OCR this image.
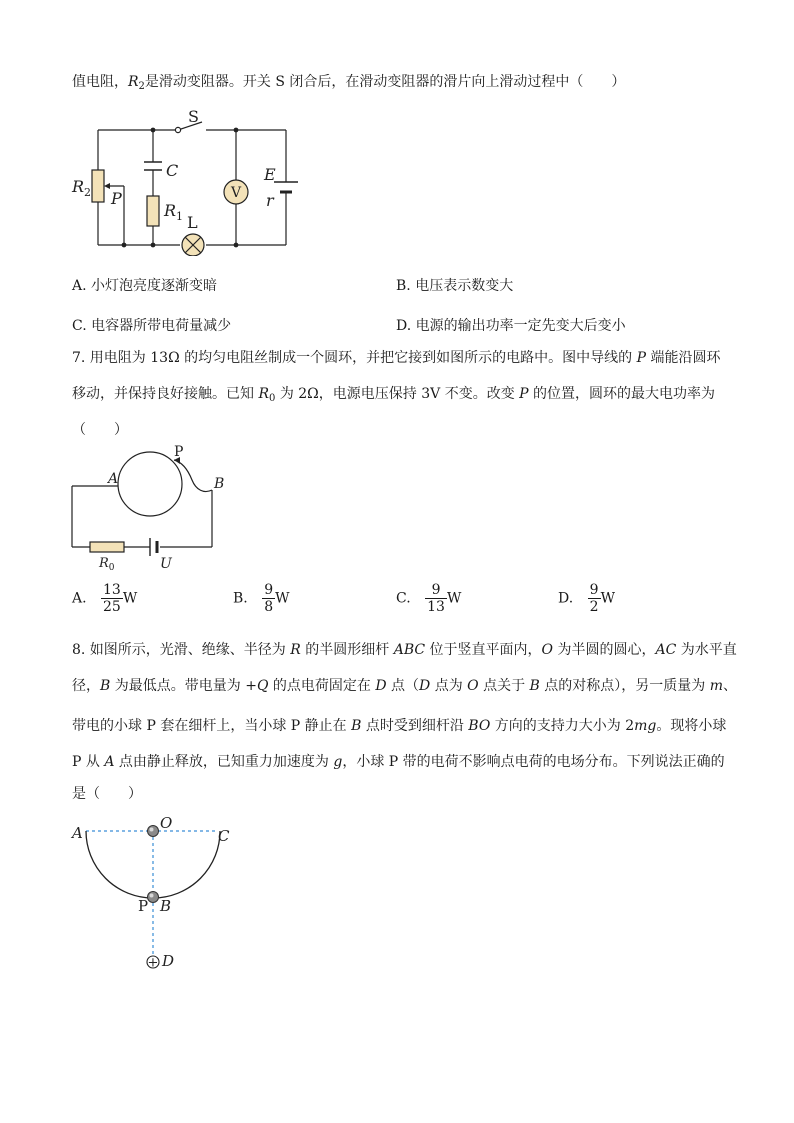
值电阻，$R_2$是滑动变阻器。开关 S 闭合后，在滑动变阻器的滑片向上滑动过程中（　　）
V
S
C
$R_2$ P
$R_1$ L
E
r
A. 小灯泡亮度逐渐变暗	B. 电压表示数变大
C. 电容器所带电荷量减少	D. 电源的输出功率一定先变大后变小
7. 用电阻为 13Ω 的均匀电阻丝制成一个圆环，并把它接到如图所示的电路中。图中导线的 P 端能沿圆环
移动，并保持良好接触。已知 $R_0$ 为 2Ω，电源电压保持 3V 不变。改变 P 的位置，圆环的最大电功率为
（　　）
A
P
B
$R_0$	U
A. $\frac{13}{25}$ W	B. $\frac{9}{8}$ W	C. $\frac{9}{13}$ W	D. $\frac{9}{2}$ W
8. 如图所示，光滑、绝缘、半径为 R 的半圆形细杆 ABC 位于竖直平面内，O 为半圆的圆心，AC 为水平直
径，B 为最低点。带电量为 +Q 的点电荷固定在 D 点（D 点为 O 点关于 B 点的对称点），另一质量为 m、
带电的小球 P 套在细杆上，当小球 P 静止在 B 点时受到细杆沿 BO 方向的支持力大小为 2mg。现将小球
P 从 A 点由静止释放，已知重力加速度为 g，小球 P 带的电荷不影响点电荷的电场分布。下列说法正确的
是（　　）
+
A
O
C
P B
D
